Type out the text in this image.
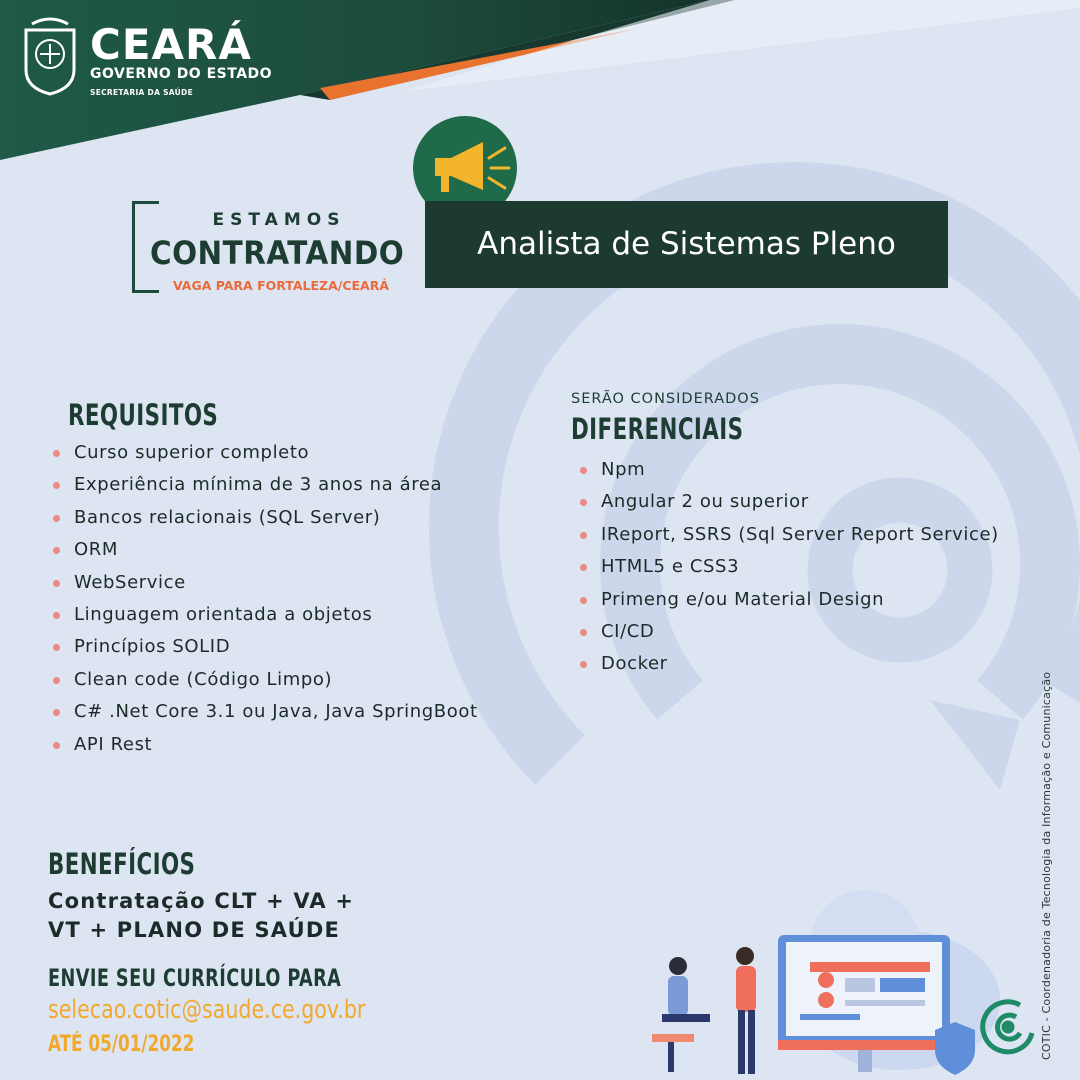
CEARÁ
GOVERNO DO ESTADO
SECRETARIA DA SAÚDE
ESTAMOS
CONTRATANDO
VAGA PARA FORTALEZA/CEARÁ
Analista de Sistemas Pleno
REQUISITOS
Curso superior completo
Experiência mínima de 3 anos na área
Bancos relacionais (SQL Server)
ORM
WebService
Linguagem orientada a objetos
Princípios SOLID
Clean code (Código Limpo)
C# .Net Core 3.1 ou Java, Java SpringBoot
API Rest
SERÃO CONSIDERADOS
DIFERENCIAIS
Npm
Angular 2 ou superior
IReport, SSRS (Sql Server Report Service)
HTML5 e CSS3
Primeng e/ou Material Design
CI/CD
Docker
BENEFÍCIOS
Contratação CLT + VA +
VT + PLANO DE SAÚDE
ENVIE SEU CURRÍCULO PARA
selecao.cotic@saude.ce.gov.br
ATÉ 05/01/2022	COTIC - Coordenadoria de Tecnologia da Informação e Comunicação
